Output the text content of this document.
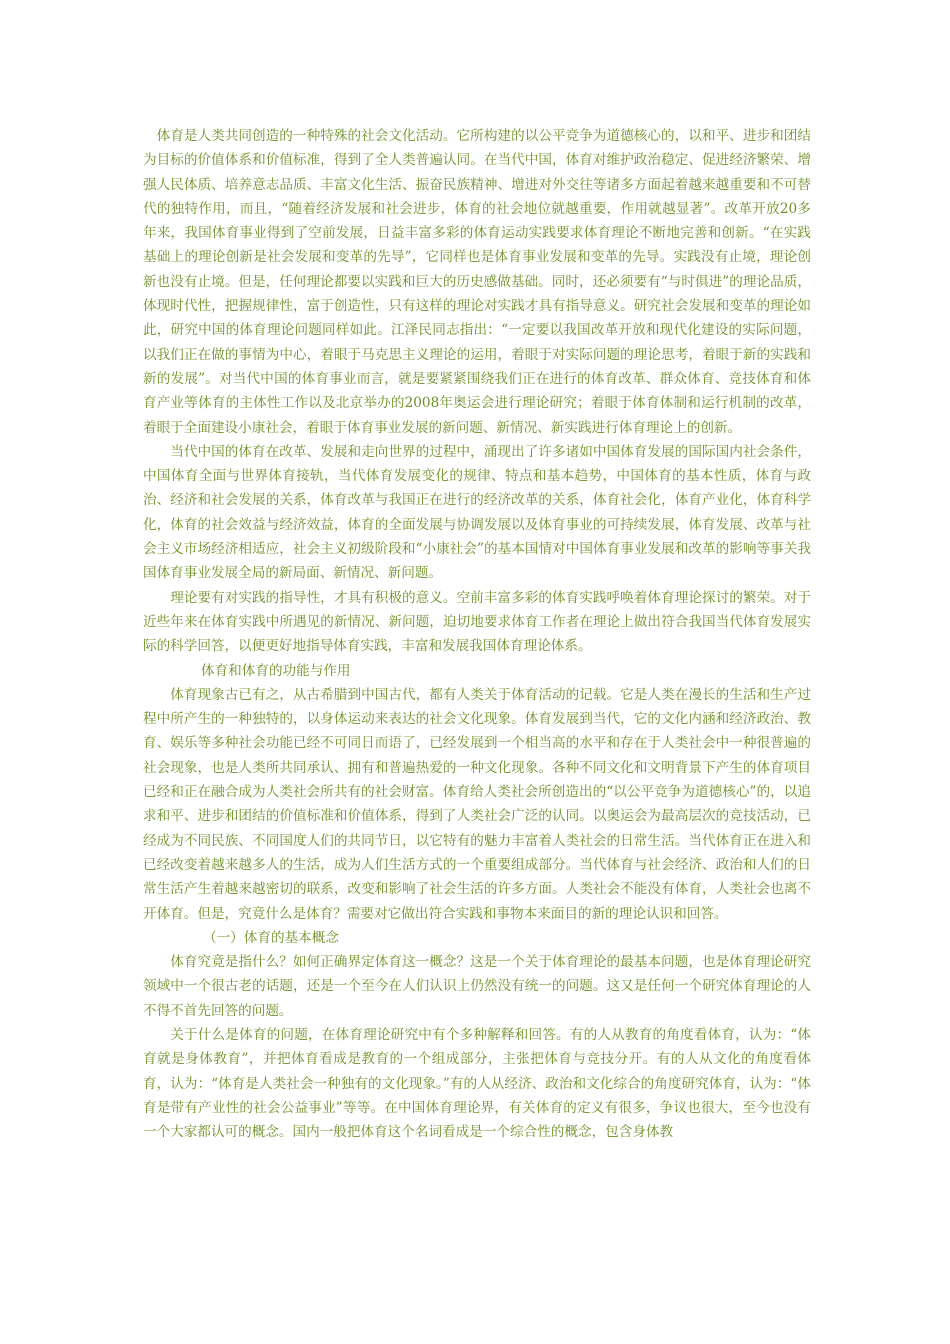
体育是人类共同创造的一种特殊的社会文化活动。它所构建的以公平竞争为道德核心的，以和平、进步和团结为目标的价值体系和价值标准，得到了全人类普遍认同。在当代中国，体育对维护政治稳定、促进经济繁荣、增强人民体质、培养意志品质、丰富文化生活、振奋民族精神、增进对外交往等诸多方面起着越来越重要和不可替代的独特作用，而且，“随着经济发展和社会进步，体育的社会地位就越重要，作用就越显著”。改革开放20多年来，我国体育事业得到了空前发展，日益丰富多彩的体育运动实践要求体育理论不断地完善和创新。“在实践基础上的理论创新是社会发展和变革的先导”，它同样也是体育事业发展和变革的先导。实践没有止境，理论创新也没有止境。但是，任何理论都要以实践和巨大的历史感做基础。同时，还必须要有“与时俱进”的理论品质，体现时代性，把握规律性，富于创造性，只有这样的理论对实践才具有指导意义。研究社会发展和变革的理论如此，研究中国的体育理论问题同样如此。江泽民同志指出：“一定要以我国改革开放和现代化建设的实际问题，以我们正在做的事情为中心，着眼于马克思主义理论的运用，着眼于对实际问题的理论思考，着眼于新的实践和新的发展”。对当代中国的体育事业而言，就是要紧紧围绕我们正在进行的体育改革、群众体育、竞技体育和体育产业等体育的主体性工作以及北京举办的2008年奥运会进行理论研究；着眼于体育体制和运行机制的改革，着眼于全面建设小康社会，着眼于体育事业发展的新问题、新情况、新实践进行体育理论上的创新。

当代中国的体育在改革、发展和走向世界的过程中，涌现出了许多诸如中国体育发展的国际国内社会条件，中国体育全面与世界体育接轨，当代体育发展变化的规律、特点和基本趋势，中国体育的基本性质，体育与政治、经济和社会发展的关系，体育改革与我国正在进行的经济改革的关系，体育社会化，体育产业化，体育科学化，体育的社会效益与经济效益，体育的全面发展与协调发展以及体育事业的可持续发展，体育发展、改革与社会主义市场经济相适应，社会主义初级阶段和“小康社会”的基本国情对中国体育事业发展和改革的影响等事关我国体育事业发展全局的新局面、新情况、新问题。

理论要有对实践的指导性，才具有积极的意义。空前丰富多彩的体育实践呼唤着体育理论探讨的繁荣。对于近些年来在体育实践中所遇见的新情况、新问题，迫切地要求体育工作者在理论上做出符合我国当代体育发展实际的科学回答，以便更好地指导体育实践，丰富和发展我国体育理论体系。

体育和体育的功能与作用

体育现象古已有之，从古希腊到中国古代，都有人类关于体育活动的记载。它是人类在漫长的生活和生产过程中所产生的一种独特的，以身体运动来表达的社会文化现象。体育发展到当代，它的文化内涵和经济政治、教育、娱乐等多种社会功能已经不可同日而语了，已经发展到一个相当高的水平和存在于人类社会中一种很普遍的社会现象，也是人类所共同承认、拥有和普遍热爱的一种文化现象。各种不同文化和文明背景下产生的体育项目已经和正在融合成为人类社会所共有的社会财富。体育给人类社会所创造出的“以公平竞争为道德核心”的，以追求和平、进步和团结的价值标准和价值体系，得到了人类社会广泛的认同。以奥运会为最高层次的竞技活动，已经成为不同民族、不同国度人们的共同节日，以它特有的魅力丰富着人类社会的日常生活。当代体育正在进入和已经改变着越来越多人的生活，成为人们生活方式的一个重要组成部分。当代体育与社会经济、政治和人们的日常生活产生着越来越密切的联系，改变和影响了社会生活的许多方面。人类社会不能没有体育，人类社会也离不开体育。但是，究竟什么是体育？需要对它做出符合实践和事物本来面目的新的理论认识和回答。

（一）体育的基本概念

体育究竟是指什么？如何正确界定体育这一概念？这是一个关于体育理论的最基本问题，也是体育理论研究领域中一个很古老的话题，还是一个至今在人们认识上仍然没有统一的问题。这又是任何一个研究体育理论的人不得不首先回答的问题。

关于什么是体育的问题，在体育理论研究中有个多种解释和回答。有的人从教育的角度看体育，认为：“体育就是身体教育”，并把体育看成是教育的一个组成部分，主张把体育与竞技分开。有的人从文化的角度看体育，认为：“体育是人类社会一种独有的文化现象。”有的人从经济、政治和文化综合的角度研究体育，认为：“体育是带有产业性的社会公益事业”等等。在中国体育理论界，有关体育的定义有很多，争议也很大，至今也没有一个大家都认可的概念。国内一般把体育这个名词看成是一个综合性的概念，包含身体教
